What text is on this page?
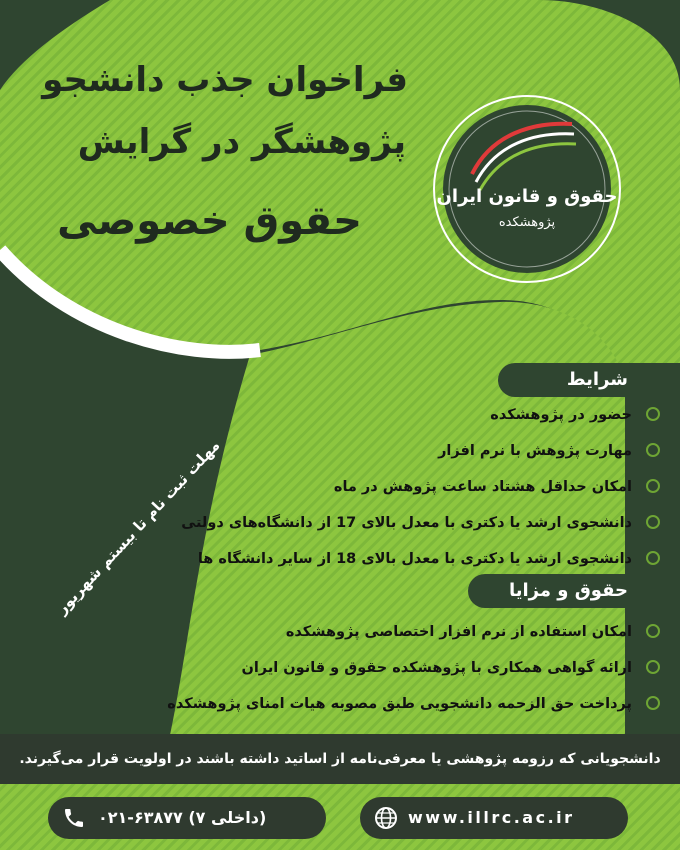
فراخوان جذب دانشجو
پژوهشگر در گرایش
حقوق خصوصی
حقوق و قانون ایران
پژوهشکده
شرایط
حضور در پژوهشکده
مهارت پژوهش با نرم افزار
امکان حداقل هشتاد ساعت پژوهش در ماه
دانشجوی ارشد یا دکتری با معدل بالای 17 از دانشگاه‌های دولتی
دانشجوی ارشد یا دکتری با معدل بالای 18 از سایر دانشگاه ها
حقوق و مزایا
امکان استفاده از نرم افزار اختصاصی پژوهشکده
ارائه گواهی همکاری با پژوهشکده حقوق و قانون ایران
پرداخت حق الزحمه دانشجویی طبق مصوبه هیات امنای پژوهشکده
مهلت ثبت نام تا بیستم شهریور
دانشجویانی که رزومه پژوهشی یا معرفی‌نامه از اساتید داشته باشند در اولویت قرار می‌گیرند.
۰۲۱-۶۳۸۷۷ (داخلی ۷)	www.illrc.ac.ir
